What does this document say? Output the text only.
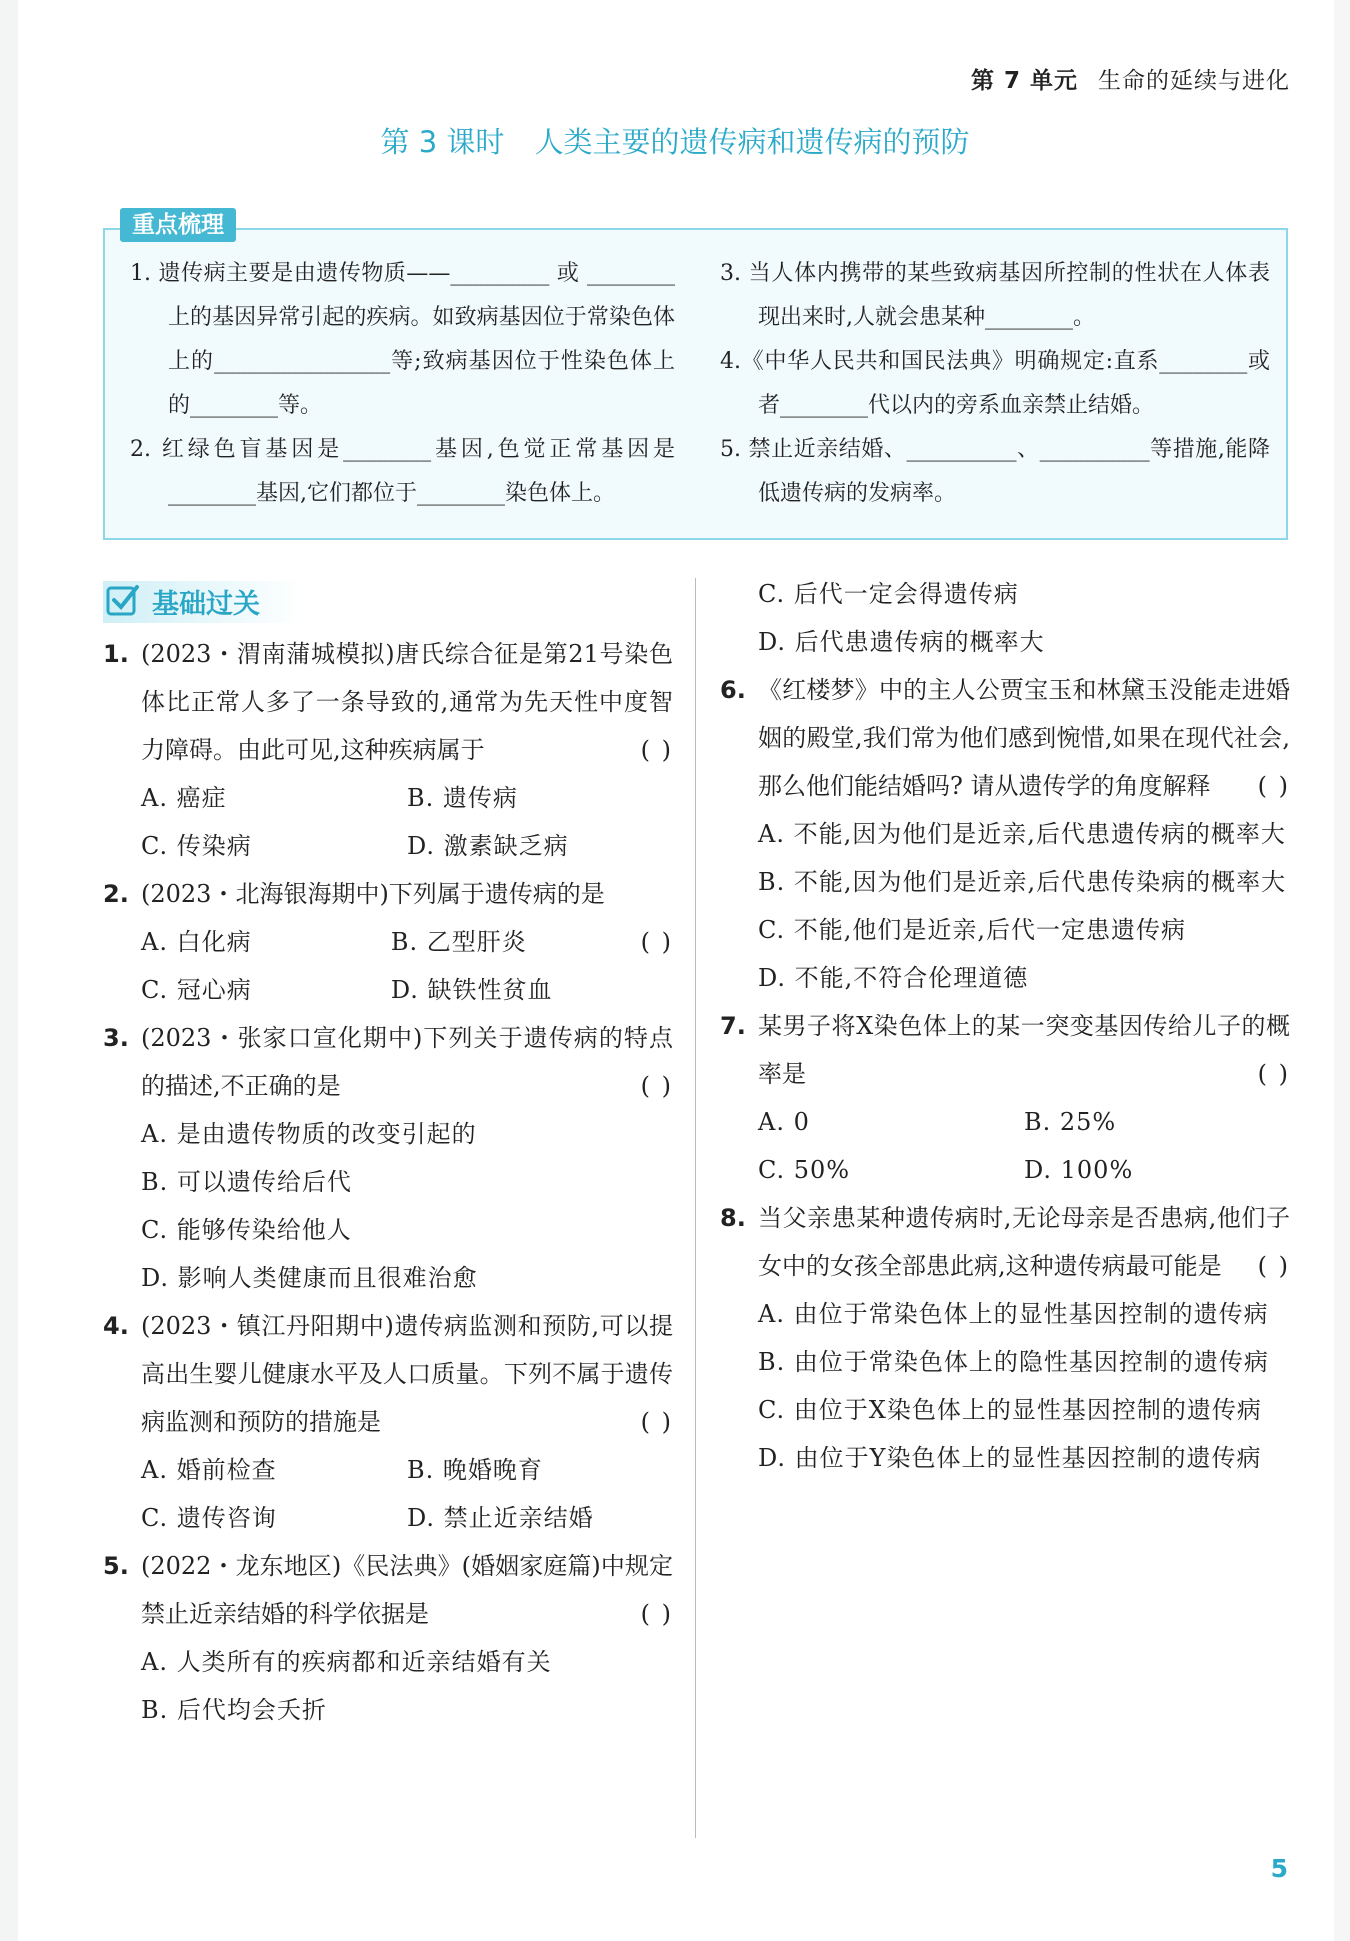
第 7 单元 生命的延续与进化
第 3 课时 人类主要的遗传病和遗传病的预防
重点梳理

1. 遗传病主要是由遗传物质——_________ 或 ________上的基因异常引起的疾病。如致病基因位于常染色体上的________________等;致病基因位于性染色体上的________等。

2. 红绿色盲基因是________基因,色觉正常基因是________基因,它们都位于________染色体上。

3. 当人体内携带的某些致病基因所控制的性状在人体表现出来时,人就会患某种________。

4.《中华人民共和国民法典》明确规定:直系________或者________代以内的旁系血亲禁止结婚。

5. 禁止近亲结婚、__________、__________等措施,能降低遗传病的发病率。

基础过关

1. (2023・渭南蒲城模拟)唐氏综合征是第21号染色体比正常人多了一条导致的,通常为先天性中度智力障碍。由此可见,这种疾病属于	( )

A. 癌症	B. 遗传病
C. 传染病	D. 激素缺乏病

2. (2023・北海银海期中)下列属于遗传病的是

( )

A. 白化病	B. 乙型肝炎
C. 冠心病	D. 缺铁性贫血

3. (2023・张家口宣化期中)下列关于遗传病的特点的描述,不正确的是	( )

A. 是由遗传物质的改变引起的
B. 可以遗传给后代
C. 能够传染给他人
D. 影响人类健康而且很难治愈

4. (2023・镇江丹阳期中)遗传病监测和预防,可以提高出生婴儿健康水平及人口质量。下列不属于遗传病监测和预防的措施是	( )

A. 婚前检查	B. 晚婚晚育
C. 遗传咨询	D. 禁止近亲结婚

5. (2022・龙东地区)《民法典》(婚姻家庭篇)中规定禁止近亲结婚的科学依据是	( )

A. 人类所有的疾病都和近亲结婚有关
B. 后代均会夭折
C. 后代一定会得遗传病
D. 后代患遗传病的概率大

6. 《红楼梦》中的主人公贾宝玉和林黛玉没能走进婚姻的殿堂,我们常为他们感到惋惜,如果在现代社会,那么他们能结婚吗? 请从遗传学的角度解释 ( )

A. 不能,因为他们是近亲,后代患遗传病的概率大
B. 不能,因为他们是近亲,后代患传染病的概率大
C. 不能,他们是近亲,后代一定患遗传病
D. 不能,不符合伦理道德

7. 某男子将X染色体上的某一突变基因传给儿子的概率是	( )

A. 0	B. 25%
C. 50%	D. 100%

8. 当父亲患某种遗传病时,无论母亲是否患病,他们子女中的女孩全部患此病,这种遗传病最可能是 ( )

A. 由位于常染色体上的显性基因控制的遗传病
B. 由位于常染色体上的隐性基因控制的遗传病
C. 由位于X染色体上的显性基因控制的遗传病
D. 由位于Y染色体上的显性基因控制的遗传病
5
